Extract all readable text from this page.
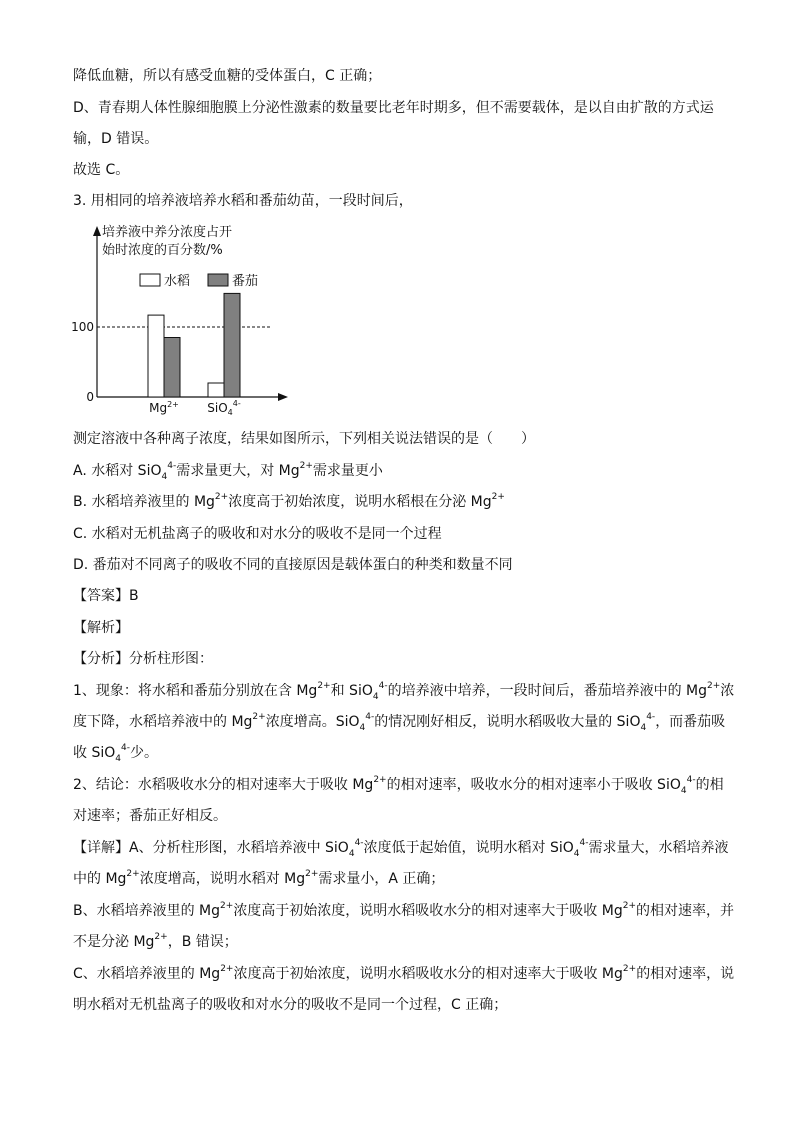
降低血糖，所以有感受血糖的受体蛋白，C 正确；
D、青春期人体性腺细胞膜上分泌性激素的数量要比老年时期多，但不需要载体，是以自由扩散的方式运
输，D 错误。
故选 C。
3. 用相同的培养液培养水稻和番茄幼苗，一段时间后，
培养液中养分浓度占开
始时浓度的百分数/%
水稻	番茄
100
0
$Mg^{2+}$ SiO$_4^{4-}$
测定溶液中各种离子浓度，结果如图所示，下列相关说法错误的是（　　）
A. 水稻对 SiO$_4^{4-}$需求量更大，对 $Mg^{2+}$需求量更小
B. 水稻培养液里的 $Mg^{2+}$浓度高于初始浓度，说明水稻根在分泌 $Mg^{2+}$
C. 水稻对无机盐离子的吸收和对水分的吸收不是同一个过程
D. 番茄对不同离子的吸收不同的直接原因是载体蛋白的种类和数量不同
【答案】B
【解析】
【分析】分析柱形图：
1、现象：将水稻和番茄分别放在含 $Mg^{2+}$和 SiO$_4^{4-}$的培养液中培养，一段时间后，番茄培养液中的 $Mg^{2+}$浓
度下降，水稻培养液中的 $Mg^{2+}$浓度增高。SiO$_4^{4-}$的情况刚好相反，说明水稻吸收大量的 SiO$_4^{4-}$，而番茄吸
收 SiO$_4^{4-}$少。
2、结论：水稻吸收水分的相对速率大于吸收 $Mg^{2+}$的相对速率，吸收水分的相对速率小于吸收 SiO$_4^{4-}$的相
对速率；番茄正好相反。
【详解】A、分析柱形图，水稻培养液中 SiO$_4^{4-}$浓度低于起始值，说明水稻对 SiO$_4^{4-}$需求量大，水稻培养液
中的 $Mg^{2+}$浓度增高，说明水稻对 $Mg^{2+}$需求量小，A 正确；
B、水稻培养液里的 $Mg^{2+}$浓度高于初始浓度，说明水稻吸收水分的相对速率大于吸收 $Mg^{2+}$的相对速率，并
不是分泌 $Mg^{2+}$，B 错误；
C、水稻培养液里的 $Mg^{2+}$浓度高于初始浓度，说明水稻吸收水分的相对速率大于吸收 $Mg^{2+}$的相对速率，说
明水稻对无机盐离子的吸收和对水分的吸收不是同一个过程，C 正确；
